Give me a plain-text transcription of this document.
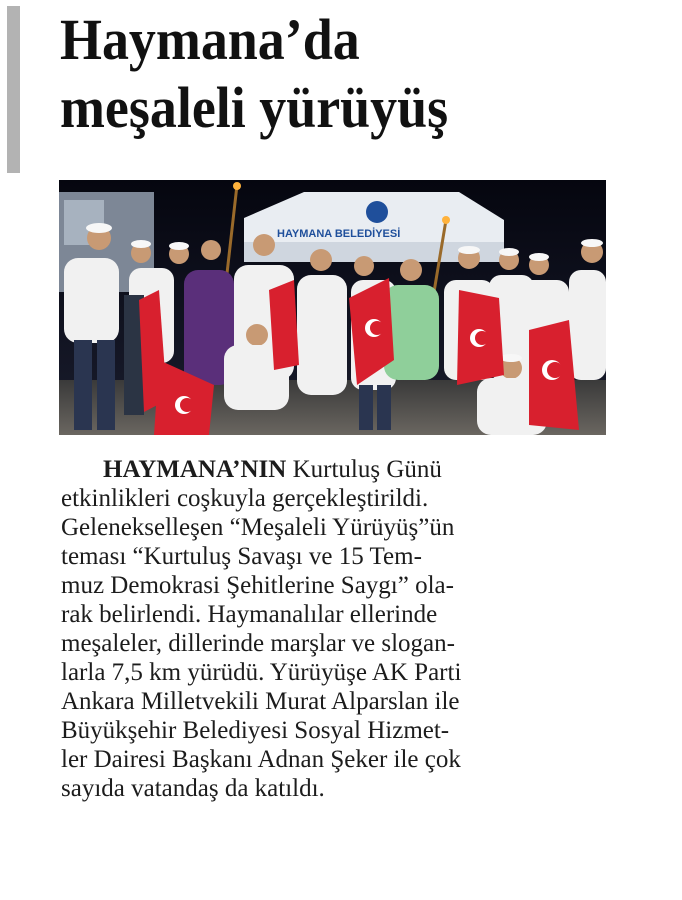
Haymana’da
meşaleli yürüyüş
HAYMANA BELEDİYESİ

HAYMANA’NIN Kurtuluş Günü
etkinlikleri coşkuyla gerçekleştirildi.
Gelenekselleşen “Meşaleli Yürüyüş”ün
teması “Kurtuluş Savaşı ve 15 Tem-
muz Demokrasi Şehitlerine Saygı” ola-
rak belirlendi. Haymanalılar ellerinde
meşaleler, dillerinde marşlar ve slogan-
larla 7,5 km yürüdü. Yürüyüşe AK Parti
Ankara Milletvekili Murat Alparslan ile
Büyükşehir Belediyesi Sosyal Hizmet-
ler Dairesi Başkanı Adnan Şeker ile çok
sayıda vatandaş da katıldı.
